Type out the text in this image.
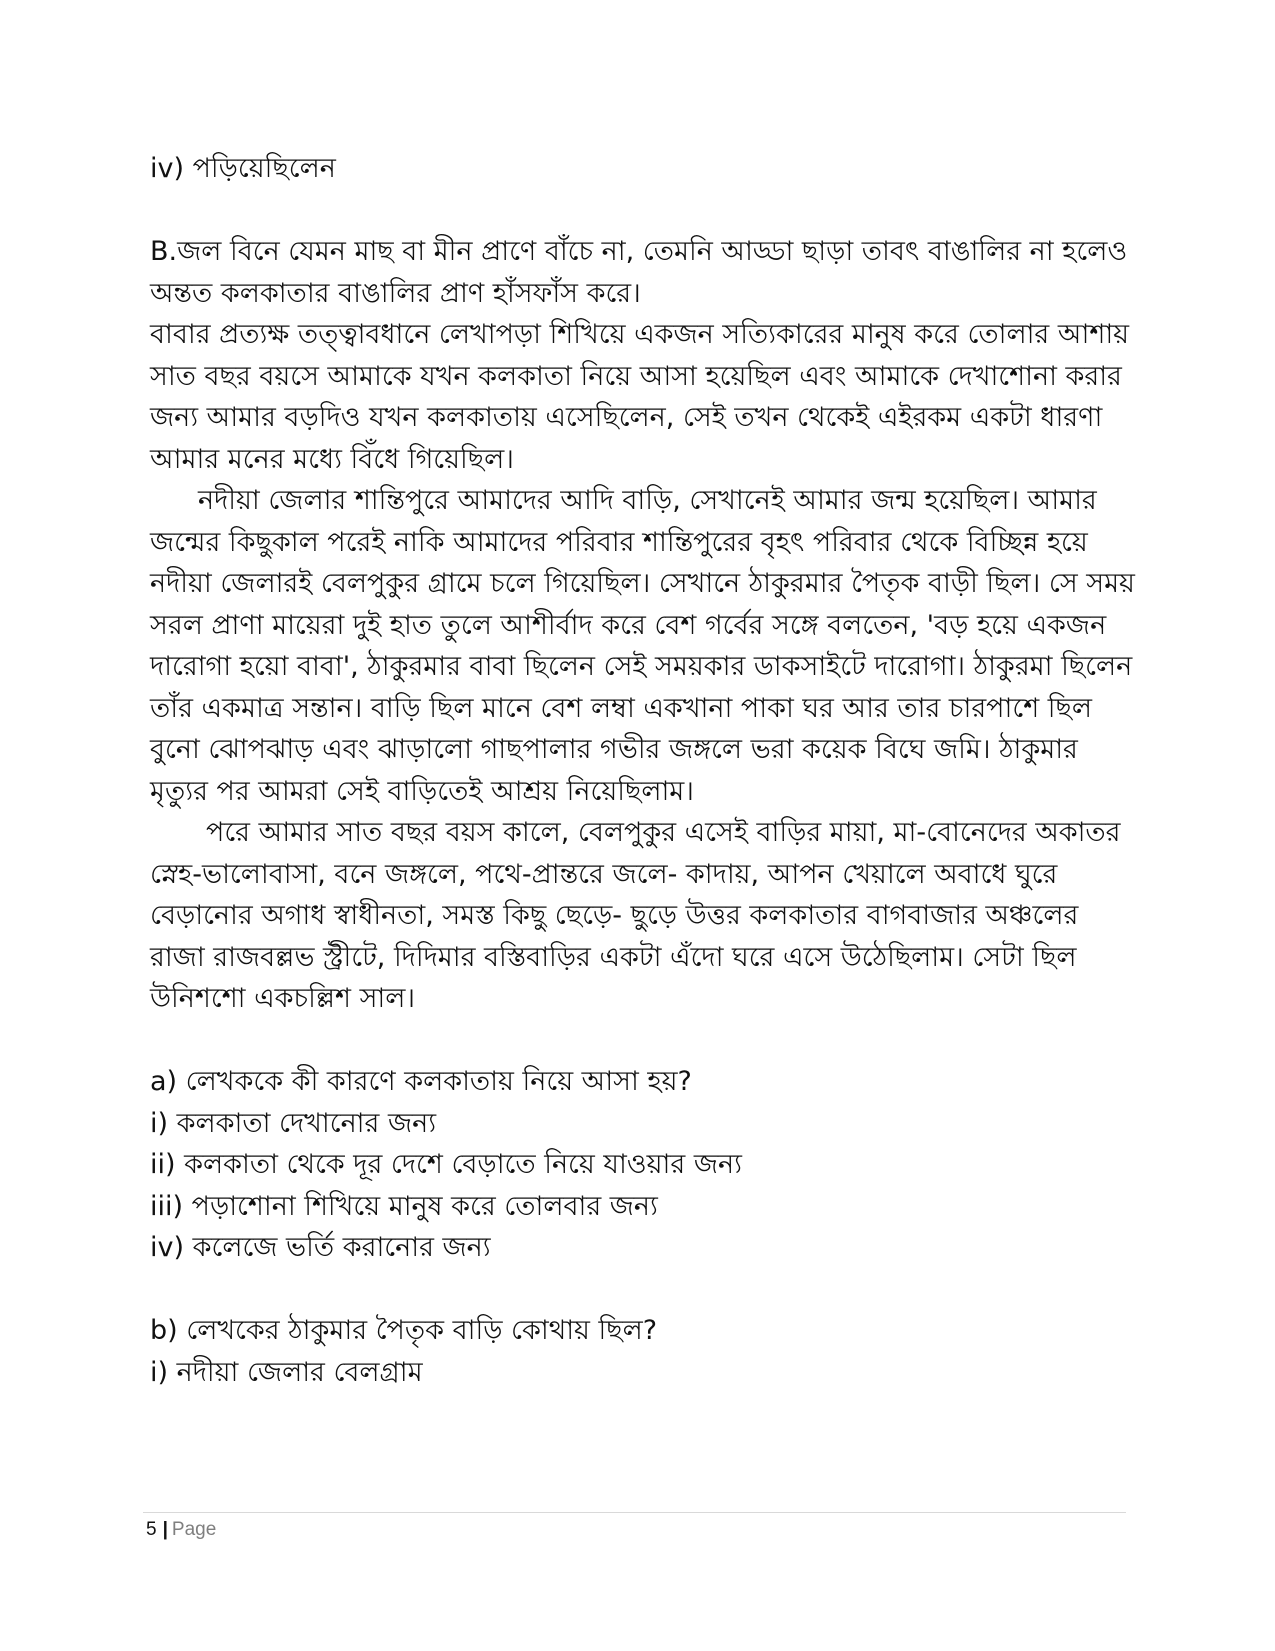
iv) পড়িয়েছিলেন

B.জল বিনে যেমন মাছ বা মীন প্রাণে বাঁচে না, তেমনি আড্ডা ছাড়া তাবৎ বাঙালির না হলেও অন্তত কলকাতার বাঙালির প্রাণ হাঁসফাঁস করে।

বাবার প্রত্যক্ষ তত্ত্বাবধানে লেখাপড়া শিখিয়ে একজন সত্যিকারের মানুষ করে তোলার আশায় সাত বছর বয়সে আমাকে যখন কলকাতা নিয়ে আসা হয়েছিল এবং আমাকে দেখাশোনা করার জন্য আমার বড়দিও যখন কলকাতায় এসেছিলেন, সেই তখন থেকেই এইরকম একটা ধারণা আমার মনের মধ্যে বিঁধে গিয়েছিল।

নদীয়া জেলার শান্তিপুরে আমাদের আদি বাড়ি, সেখানেই আমার জন্ম হয়েছিল। আমার জন্মের কিছুকাল পরেই নাকি আমাদের পরিবার শান্তিপুরের বৃহৎ পরিবার থেকে বিচ্ছিন্ন হয়ে নদীয়া জেলারই বেলপুকুর গ্রামে চলে গিয়েছিল। সেখানে ঠাকুরমার পৈতৃক বাড়ী ছিল। সে সময় সরল প্রাণা মায়েরা দুই হাত তুলে আশীর্বাদ করে বেশ গর্বের সঙ্গে বলতেন, 'বড় হয়ে একজন দারোগা হয়ো বাবা', ঠাকুরমার বাবা ছিলেন সেই সময়কার ডাকসাইটে দারোগা। ঠাকুরমা ছিলেন তাঁর একমাত্র সন্তান। বাড়ি ছিল মানে বেশ লম্বা একখানা পাকা ঘর আর তার চারপাশে ছিল বুনো ঝোপঝাড় এবং ঝাড়ালো গাছপালার গভীর জঙ্গলে ভরা কয়েক বিঘে জমি। ঠাকুমার মৃত্যুর পর আমরা সেই বাড়িতেই আশ্রয় নিয়েছিলাম।

পরে আমার সাত বছর বয়স কালে, বেলপুকুর এসেই বাড়ির মায়া, মা-বোনেদের অকাতর স্নেহ-ভালোবাসা, বনে জঙ্গলে, পথে-প্রান্তরে জলে- কাদায়, আপন খেয়ালে অবাধে ঘুরে বেড়ানোর অগাধ স্বাধীনতা, সমস্ত কিছু ছেড়ে- ছুড়ে উত্তর কলকাতার বাগবাজার অঞ্চলের রাজা রাজবল্লভ স্ট্রীটে, দিদিমার বস্তিবাড়ির একটা এঁদো ঘরে এসে উঠেছিলাম। সেটা ছিল উনিশশো একচল্লিশ সাল।

a) লেখককে কী কারণে কলকাতায় নিয়ে আসা হয়?
i) কলকাতা দেখানোর জন্য
ii) কলকাতা থেকে দূর দেশে বেড়াতে নিয়ে যাওয়ার জন্য
iii) পড়াশোনা শিখিয়ে মানুষ করে তোলবার জন্য
iv) কলেজে ভর্তি করানোর জন্য
b) লেখকের ঠাকুমার পৈতৃক বাড়ি কোথায় ছিল?
i) নদীয়া জেলার বেলগ্রাম
5 | Page
